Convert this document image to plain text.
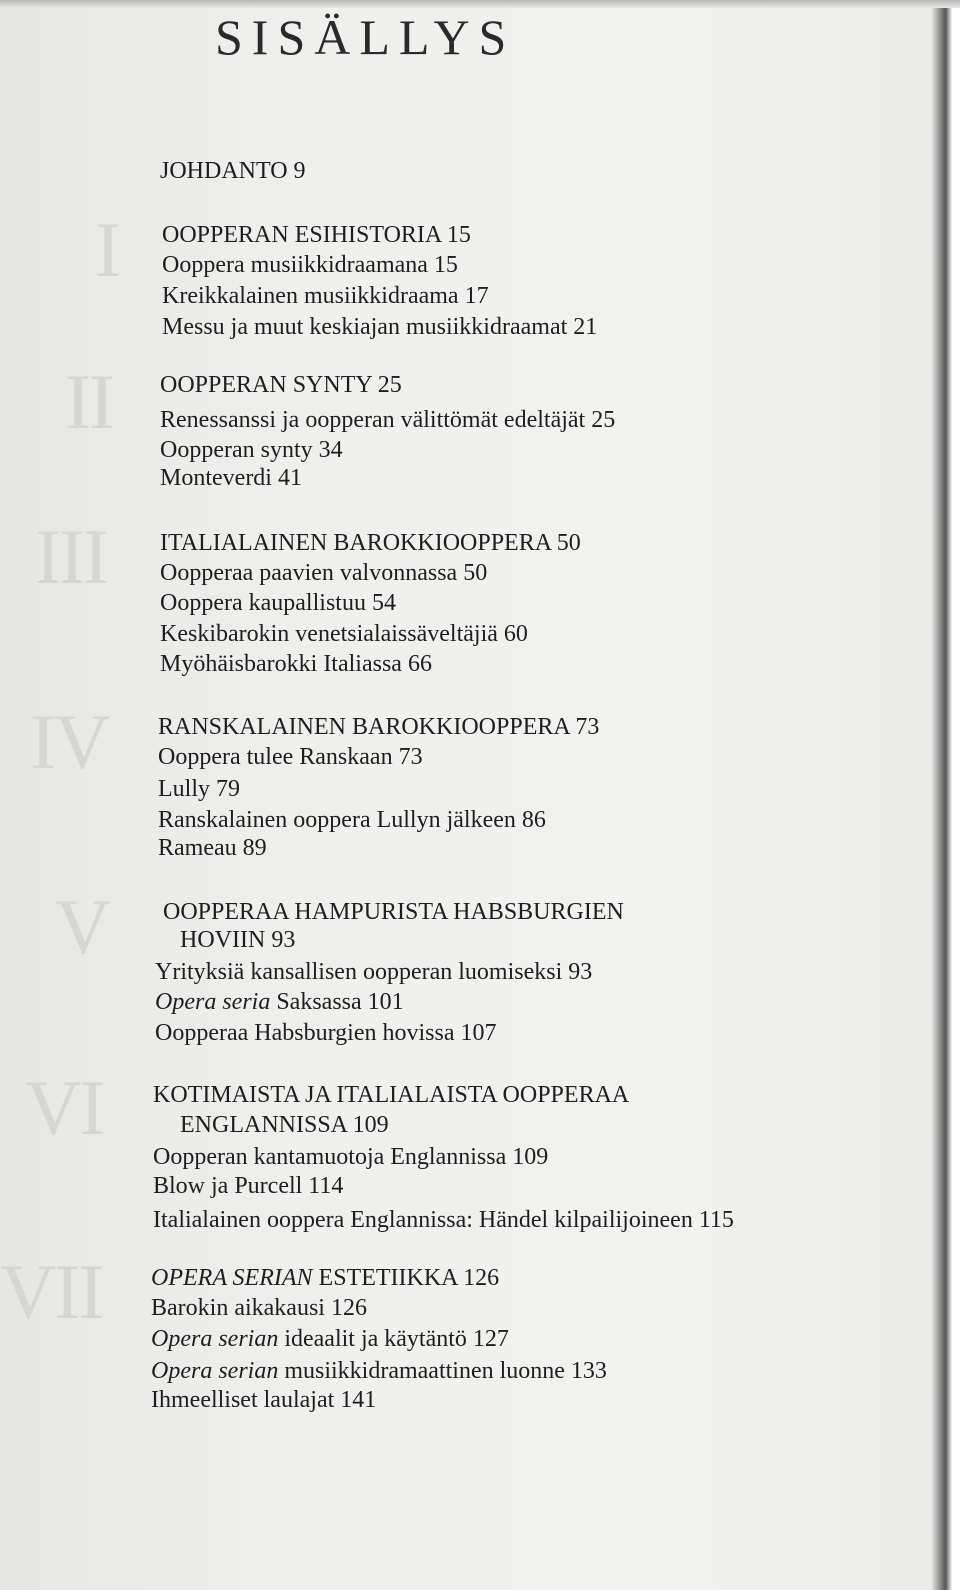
SISÄLLYS
JOHDANTO 9
I OOPPERAN ESIHISTORIA 15
Ooppera musiikkidraamana 15
Kreikkalainen musiikkidraama 17
Messu ja muut keskiajan musiikkidraamat 21
II OOPPERAN SYNTY 25
Renessanssi ja oopperan välittömät edeltäjät 25
Oopperan synty 34
Monteverdi 41
III ITALIALAINEN BAROKKIOOPPERA 50
Oopperaa paavien valvonnassa 50
Ooppera kaupallistuu 54
Keskibarokin venetsialaissäveltäjiä 60
Myöhäisbarokki Italiassa 66
IV RANSKALAINEN BAROKKIOOPPERA 73
Ooppera tulee Ranskaan 73
Lully 79
Ranskalainen ooppera Lullyn jälkeen 86
Rameau 89
V OOPPERAA HAMPURISTA HABSBURGIEN
HOVIIN 93
Yrityksiä kansallisen oopperan luomiseksi 93
Opera seria Saksassa 101
Oopperaa Habsburgien hovissa 107
VI KOTIMAISTA JA ITALIALAISTA OOPPERAA
ENGLANNISSA 109
Oopperan kantamuotoja Englannissa 109
Blow ja Purcell 114
Italialainen ooppera Englannissa: Händel kilpailijoineen 115
VII OPERA SERIAN ESTETIIKKA 126
Barokin aikakausi 126
Opera serian ideaalit ja käytäntö 127
Opera serian musiikkidramaattinen luonne 133
Ihmeelliset laulajat 141
